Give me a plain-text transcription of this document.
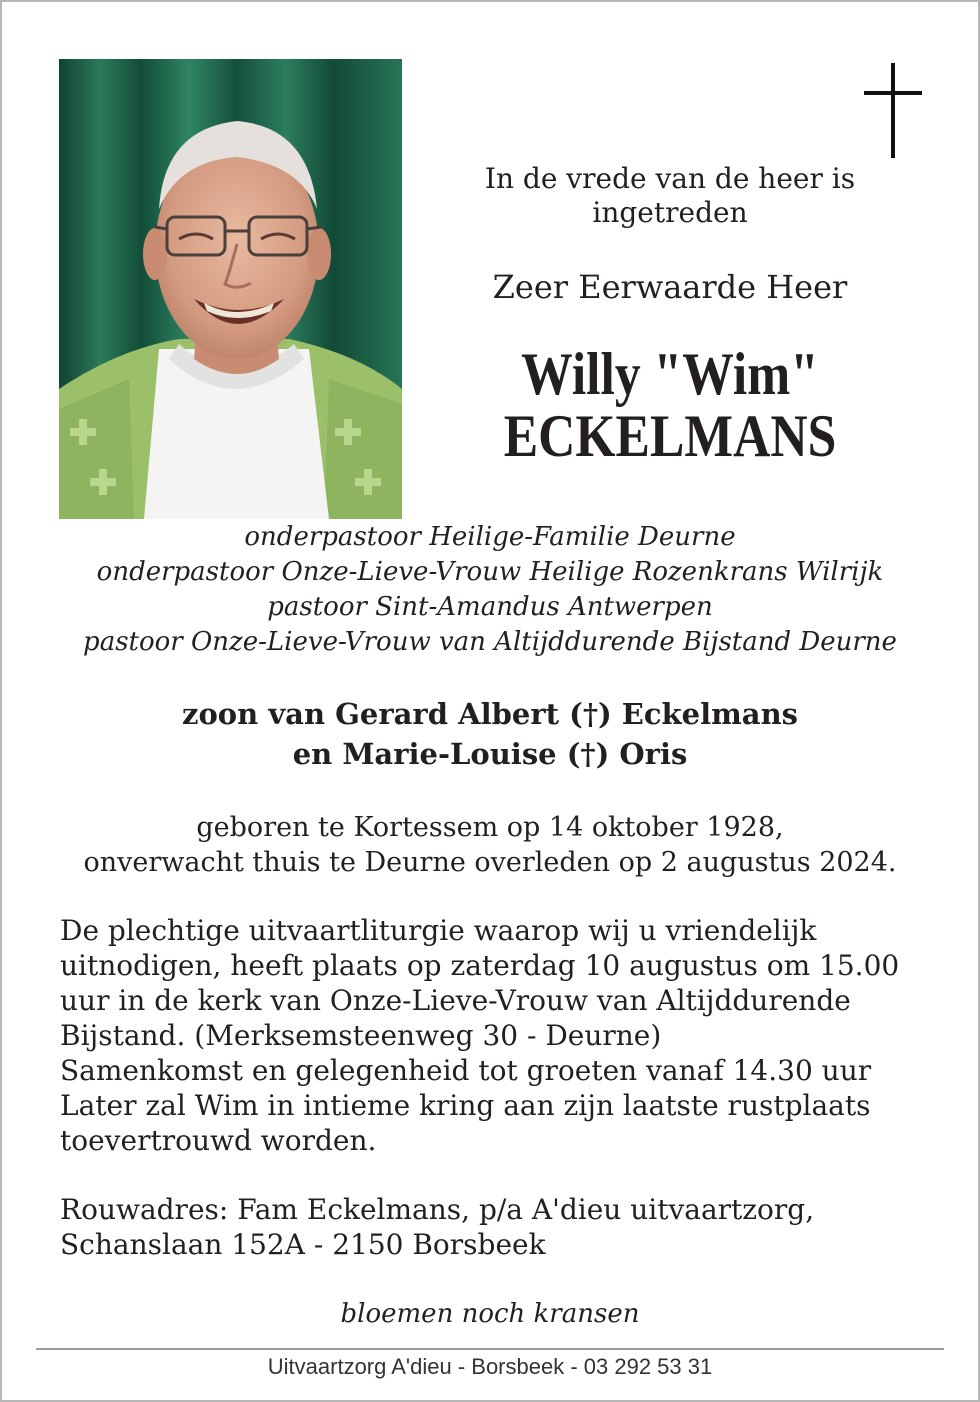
In de vrede van de heer is
ingetreden
Zeer Eerwaarde Heer
Willy "Wim"
ECKELMANS
onderpastoor Heilige-Familie Deurne
onderpastoor Onze-Lieve-Vrouw Heilige Rozenkrans Wilrijk
pastoor Sint-Amandus Antwerpen
pastoor Onze-Lieve-Vrouw van Altijddurende Bijstand Deurne
zoon van Gerard Albert (†) Eckelmans
en Marie-Louise (†) Oris
geboren te Kortessem op 14 oktober 1928,
onverwacht thuis te Deurne overleden op 2 augustus 2024.
De plechtige uitvaartliturgie waarop wij u vriendelijk
uitnodigen, heeft plaats op zaterdag 10 augustus om 15.00
uur in de kerk van Onze-Lieve-Vrouw van Altijddurende
Bijstand. (Merksemsteenweg 30 - Deurne)
Samenkomst en gelegenheid tot groeten vanaf 14.30 uur
Later zal Wim in intieme kring aan zijn laatste rustplaats
toevertrouwd worden.
Rouwadres: Fam Eckelmans, p/a A'dieu uitvaartzorg,
Schanslaan 152A - 2150 Borsbeek
bloemen noch kransen
Uitvaartzorg A'dieu - Borsbeek - 03 292 53 31
